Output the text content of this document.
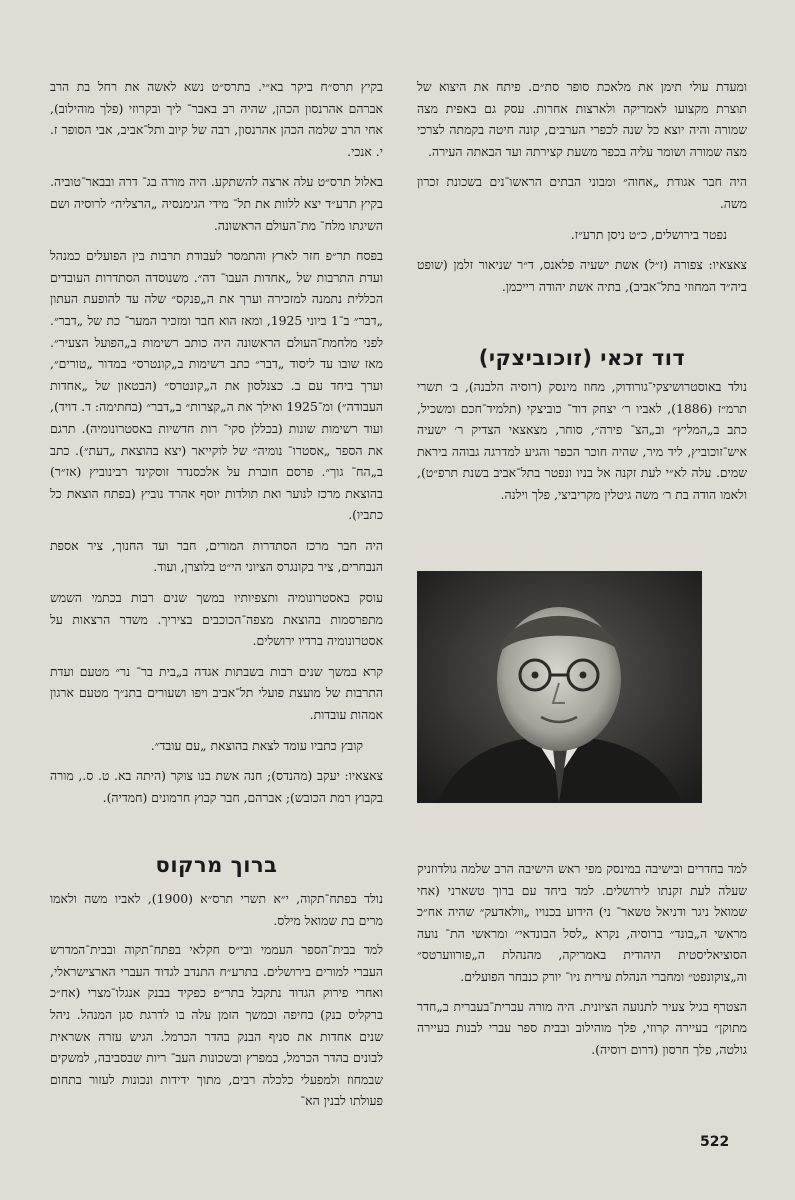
ומעדת עולי תימן את מלאכת סופר סת״ם. פיתח את היצוא של תוצרת מקצועו לאמריקה ולארצות אחרות. עסק גם באפית מצה שמורה והיה יוצא כל שנה לכפרי הערבים, קונה חיטה בקמתה לצרכי מצה שמורה ושומר עליה בכפר משעת קצירתה ועד הבאתה העירה.

היה חבר אגודת „אחוה״ ומבוני הבתים הראשו־נים בשכונת זכרון משה.

נפטר בירושלים, כ״ט ניסן תרע״ז.

צאצאיו: צפורה (ז״ל) אשת ישעיה פלאנס, ד״ר שניאור זלמן (שופט ביה״ד המחוזי בתל־אביב), בתיה אשת יהודה רייכמן.

דוד זכאי (זוכוביצקי)

נולד באוסטרושיצקי־גורודוק, מחוז מינסק (רוסיה הלבנה), ב׳ תשרי תרמ״ז (1886), לאביו ר׳ יצחק דוד־ כוביצקי (תלמיד־חכם ומשכיל, כתב ב„המליץ״ וב„הצ־ פירה״, סוחר, מצאצאי הצדיק ר׳ ישעיה איש־זוכוביץ, ליד מיר, שהיה חוכר הכפר והגיע למדרגה גבוהה ביראת שמים. עלה לא״י לעת זקנה אל בניו ונפטר בתל־אביב בשנת תרפ״ט), ולאמו הודה בת ר׳ משה גיטלין מקריביצי, פלך וילנה.

למד בחדרים ובישיבה במינסק מפי ראש הישיבה הרב שלמה גולדוזניק שעלה לעת זקנתו לירושלים. למד ביחד עם ברוך טשארני (אחי שמואל ניגר ודניאל טשאר־ ני) הידוע בכנויו „וולאדעק״ שהיה אח״כ מראשי ה„בונד״ ברוסיה, נקרא „לסל הבונדאי״ ומראשי הת־ נועה הסוציאליסטית היהודית באמריקה, מהנהלת ה„פורווערטס״ וה„צוקונפט״ ומחברי הנהלת עירית ניו־ יורק כנבחר הפועלים.

הצטרף בגיל צעיר לתנועה הציונית. היה מורה עברית־בעברית ב„חדר מתוקן״ בעיירה קרוזי, פלך מוהילוב ובבית ספר עברי לבנות בעיירה גולטה, פלך חרסון (דרום רוסיה).

בקיץ תרס״ח ביקר בא״י. בתרס״ט נשא לאשה את רחל בת הרב אברהם אהרנסון הכהן, שהיה רב באבר־ ליך ובקרוזי (פלך מוהילוב), אחי הרב שלמה הכהן אהרנסון, רבה של קיוב ותל־אביב, אבי הסופר ז. י. אנכי.

באלול תרס״ט עלה ארצה להשתקע. היה מורה בג־ דרה ובבאר־טוביה. בקיץ תרע״ד יצא ללוות את תל־ מידי הגימנסיה „הרצליה״ לרוסיה ושם השיגתו מלח־ מת־העולם הראשונה.

בפסח תר״פ חזר לארץ והתמסר לעבודת תרבות בין הפועלים כמנהל ועדת התרבות של „אחדות העבו־ דה״. משנוסדה הסתדרות העובדים הכללית נתמנה למזכירה וערך את ה„פנקס״ שלה עד להופעת העתון „דבר״ ב־1 ביוני 1925, ומאז הוא חבר ומזכיר המער־ כת של „דבר״. לפני מלחמת־העולם הראשונה היה כותב רשימות ב„הפועל הצעיר״. מאז שובו עד ליסוד „דבר״ כתב רשימות ב„קונטרס״ במדור „טורים״, וערך ביחד עם ב. כצנלסון את ה„קונטרס״ (הבטאון של „אחדות העבודה״) ומ־1925 ואילך את ה„קצרות״ ב„דבר״ (בחתימה: ד. דויד), ועוד רשימות שונות (בכללן סקי־ רות חדשיות באסטרונומיה). תרגם את הספר „אסטרו־ נומיה״ של לוקייאר (יצא בהוצאת „דעת״). כתב ב„הח־ גוך״. פרסם חוברת על אלכסנדר זוסקינד רבינוביץ (אז״ר) בהוצאת מרכז לנוער ואת תולדות יוסף אהרד נוביץ (בפתח הוצאת כל כתביו).

היה חבר מרכז הסתדרות המורים, חבר ועד החנוך, ציר אספת הנבחרים, ציר בקונגרס הציוני הי״ט בלוצרן, ועוד.

עוסק באסטרונומיה ותצפיותיו במשך שנים רבות בכתמי השמש מתפרסמות בהוצאת מצפה־הכוכבים בציריך. משדר הרצאות על אסטרונומיה ברדיו ירושלים.

קרא במשך שנים רבות בשבתות אגדה ב„בית בר־ נר״ מטעם ועדת התרבות של מועצת פועלי תל־אביב ויפו ושעורים בתנ״ך מטעם ארגון אמהות עובדות.

קובץ כתביו עומד לצאת בהוצאת „עם עובד״.

צאצאיו: יעקב (מהנדס); חנה אשת בנו צוקר (היתה בא. ט. ס., מורה בקבוץ רמת הכובש); אברהם, חבר קבוץ חרמונים (חמדיה).

ברוך מרקוס

נולד בפתח־תקוה, י״א תשרי תרס״א (1900), לאביו משה ולאמו מרים בת שמואל מילס.

למד בבית־הספר העממי ובי״ס חקלאי בפתח־תקוה ובבית־המדרש העברי למורים בירושלים. בתרע״ח התנדב לגדוד העברי הארצישראלי, ואחרי פירוק הגדוד נתקבל בתר״פ כפקיד בבנק אנגלו־מצרי (אח״כ ברקליס בנק) בחיפה ובמשך הזמן עלה בו לדרגת סגן המנהל. ניהל שנים אחדות את סניף הבנק בהדר הכרמל. הגיש עזרה אשראית לבונים בהדר הכרמל, במפרץ ובשכונות העב־ ריות שבסביבה, למשקים שבמחוז ולמפעלי כלכלה רבים, מתוך ידידות ונכונות לעזור בתחום פעולתו לבנין הא־

522
